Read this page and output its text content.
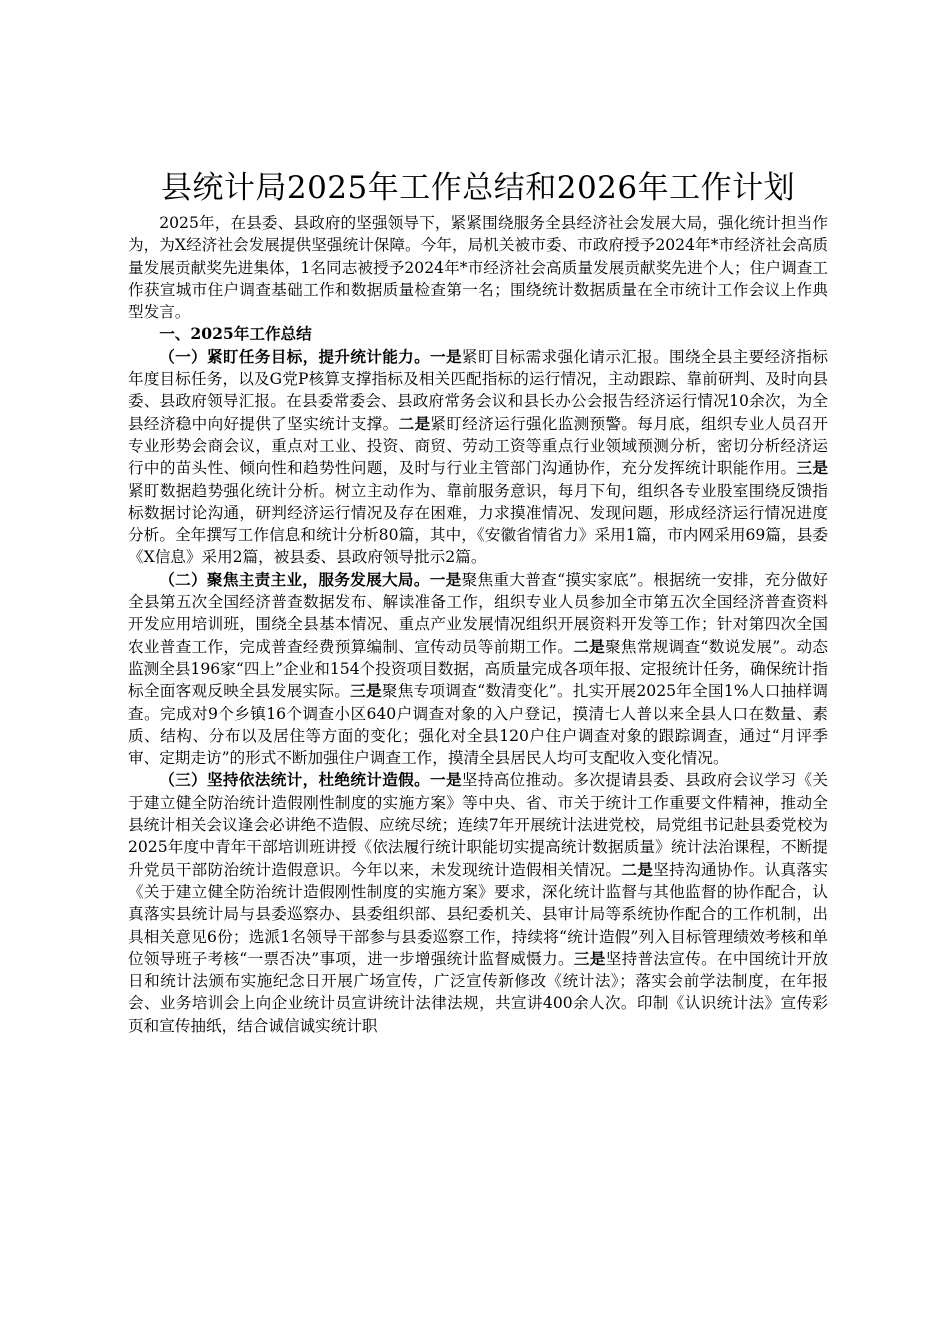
县统计局2025年工作总结和2026年工作计划

2025年，在县委、县政府的坚强领导下，紧紧围绕服务全县经济社会发展大局，强化统计担当作为，为X经济社会发展提供坚强统计保障。今年，局机关被市委、市政府授予2024年*市经济社会高质量发展贡献奖先进集体，1名同志被授予2024年*市经济社会高质量发展贡献奖先进个人；住户调查工作获宣城市住户调查基础工作和数据质量检查第一名；围绕统计数据质量在全市统计工作会议上作典型发言。

一、2025年工作总结

（一）紧盯任务目标，提升统计能力。一是紧盯目标需求强化请示汇报。围绕全县主要经济指标年度目标任务，以及G党P核算支撑指标及相关匹配指标的运行情况，主动跟踪、靠前研判、及时向县委、县政府领导汇报。在县委常委会、县政府常务会议和县长办公会报告经济运行情况10余次，为全县经济稳中向好提供了坚实统计支撑。二是紧盯经济运行强化监测预警。每月底，组织专业人员召开专业形势会商会议，重点对工业、投资、商贸、劳动工资等重点行业领域预测分析，密切分析经济运行中的苗头性、倾向性和趋势性问题，及时与行业主管部门沟通协作，充分发挥统计职能作用。三是紧盯数据趋势强化统计分析。树立主动作为、靠前服务意识，每月下旬，组织各专业股室围绕反馈指标数据讨论沟通，研判经济运行情况及存在困难，力求摸准情况、发现问题，形成经济运行情况进度分析。全年撰写工作信息和统计分析80篇，其中，《安徽省情省力》采用1篇，市内网采用69篇，县委《X信息》采用2篇，被县委、县政府领导批示2篇。

（二）聚焦主责主业，服务发展大局。一是聚焦重大普查“摸实家底”。根据统一安排，充分做好全县第五次全国经济普查数据发布、解读准备工作，组织专业人员参加全市第五次全国经济普查资料开发应用培训班，围绕全县基本情况、重点产业发展情况组织开展资料开发等工作；针对第四次全国农业普查工作，完成普查经费预算编制、宣传动员等前期工作。二是聚焦常规调查“数说发展”。动态监测全县196家“四上”企业和154个投资项目数据，高质量完成各项年报、定报统计任务，确保统计指标全面客观反映全县发展实际。三是聚焦专项调查“数清变化”。扎实开展2025年全国1%人口抽样调查。完成对9个乡镇16个调查小区640户调查对象的入户登记，摸清七人普以来全县人口在数量、素质、结构、分布以及居住等方面的变化；强化对全县120户住户调查对象的跟踪调查，通过“月评季审、定期走访”的形式不断加强住户调查工作，摸清全县居民人均可支配收入变化情况。

（三）坚持依法统计，杜绝统计造假。一是坚持高位推动。多次提请县委、县政府会议学习《关于建立健全防治统计造假刚性制度的实施方案》等中央、省、市关于统计工作重要文件精神，推动全县统计相关会议逢会必讲绝不造假、应统尽统；连续7年开展统计法进党校，局党组书记赴县委党校为2025年度中青年干部培训班讲授《依法履行统计职能切实提高统计数据质量》统计法治课程，不断提升党员干部防治统计造假意识。今年以来，未发现统计造假相关情况。二是坚持沟通协作。认真落实《关于建立健全防治统计造假刚性制度的实施方案》要求，深化统计监督与其他监督的协作配合，认真落实县统计局与县委巡察办、县委组织部、县纪委机关、县审计局等系统协作配合的工作机制，出具相关意见6份；选派1名领导干部参与县委巡察工作，持续将“统计造假”列入目标管理绩效考核和单位领导班子考核“一票否决”事项，进一步增强统计监督威慑力。三是坚持普法宣传。在中国统计开放日和统计法颁布实施纪念日开展广场宣传，广泛宣传新修改《统计法》；落实会前学法制度，在年报会、业务培训会上向企业统计员宣讲统计法律法规，共宣讲400余人次。印制《认识统计法》宣传彩页和宣传抽纸，结合诚信诚实统计职
